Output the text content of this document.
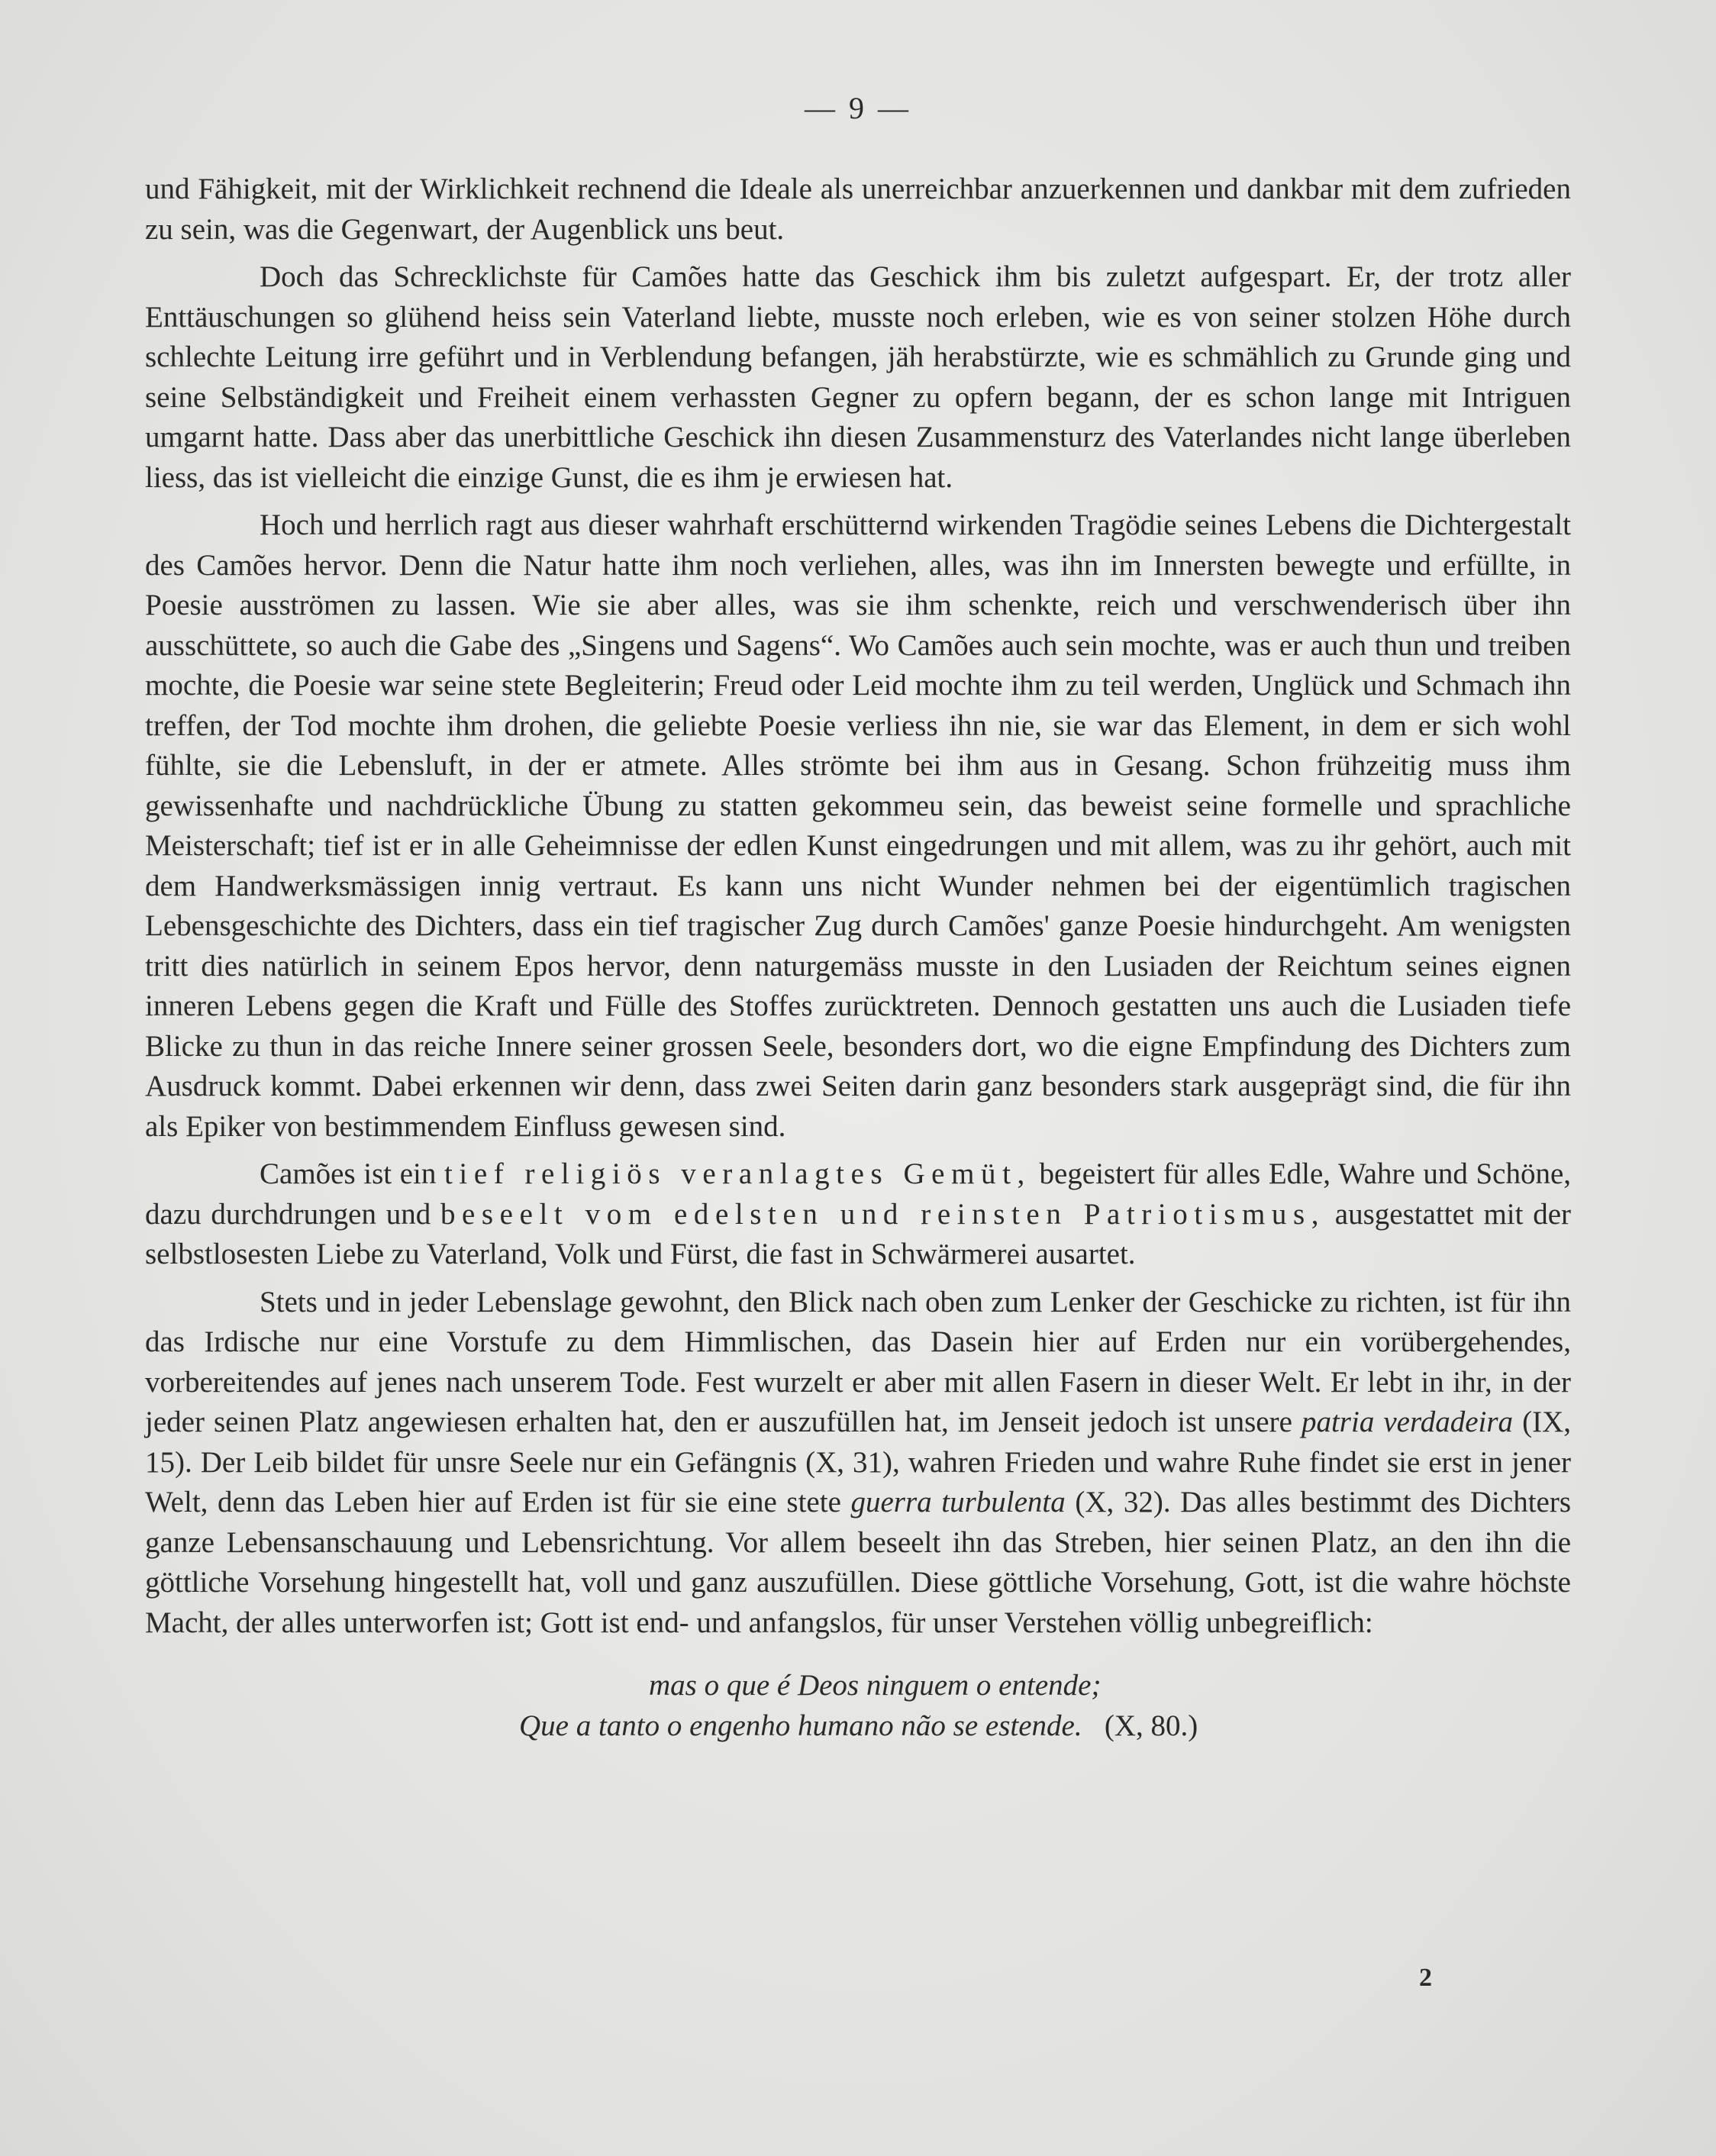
— 9 —

und Fähigkeit, mit der Wirklichkeit rechnend die Ideale als unerreichbar anzuerkennen und dankbar mit dem zufrieden zu sein, was die Gegenwart, der Augenblick uns beut.

Doch das Schrecklichste für Camões hatte das Geschick ihm bis zuletzt aufgespart. Er, der trotz aller Enttäuschungen so glühend heiss sein Vaterland liebte, musste noch erleben, wie es von seiner stolzen Höhe durch schlechte Leitung irre geführt und in Verblendung befangen, jäh herabstürzte, wie es schmählich zu Grunde ging und seine Selbständigkeit und Freiheit einem verhassten Gegner zu opfern begann, der es schon lange mit Intriguen umgarnt hatte. Dass aber das unerbittliche Geschick ihn diesen Zusammensturz des Vaterlandes nicht lange überleben liess, das ist vielleicht die einzige Gunst, die es ihm je erwiesen hat.

Hoch und herrlich ragt aus dieser wahrhaft erschütternd wirkenden Tragödie seines Lebens die Dichtergestalt des Camões hervor. Denn die Natur hatte ihm noch verliehen, alles, was ihn im Innersten bewegte und erfüllte, in Poesie ausströmen zu lassen. Wie sie aber alles, was sie ihm schenkte, reich und verschwenderisch über ihn ausschüttete, so auch die Gabe des „Singens und Sagens“. Wo Camões auch sein mochte, was er auch thun und treiben mochte, die Poesie war seine stete Begleiterin; Freud oder Leid mochte ihm zu teil werden, Unglück und Schmach ihn treffen, der Tod mochte ihm drohen, die geliebte Poesie verliess ihn nie, sie war das Element, in dem er sich wohl fühlte, sie die Lebensluft, in der er atmete. Alles strömte bei ihm aus in Gesang. Schon frühzeitig muss ihm gewissenhafte und nachdrückliche Übung zu statten gekommeu sein, das beweist seine formelle und sprachliche Meisterschaft; tief ist er in alle Geheimnisse der edlen Kunst eingedrungen und mit allem, was zu ihr gehört, auch mit dem Handwerksmässigen innig vertraut. Es kann uns nicht Wunder nehmen bei der eigentümlich tragischen Lebensgeschichte des Dichters, dass ein tief tragischer Zug durch Camões' ganze Poesie hindurchgeht. Am wenigsten tritt dies natürlich in seinem Epos hervor, denn naturgemäss musste in den Lusiaden der Reichtum seines eignen inneren Lebens gegen die Kraft und Fülle des Stoffes zurücktreten. Dennoch gestatten uns auch die Lusiaden tiefe Blicke zu thun in das reiche Innere seiner grossen Seele, besonders dort, wo die eigne Empfindung des Dichters zum Ausdruck kommt. Dabei erkennen wir denn, dass zwei Seiten darin ganz besonders stark ausgeprägt sind, die für ihn als Epiker von bestimmendem Einfluss gewesen sind.

Camões ist ein tief religiös veranlagtes Gemüt, begeistert für alles Edle, Wahre und Schöne, dazu durchdrungen und beseelt vom edelsten und reinsten Patriotismus, ausgestattet mit der selbstlosesten Liebe zu Vaterland, Volk und Fürst, die fast in Schwärmerei ausartet.

Stets und in jeder Lebenslage gewohnt, den Blick nach oben zum Lenker der Geschicke zu richten, ist für ihn das Irdische nur eine Vorstufe zu dem Himmlischen, das Dasein hier auf Erden nur ein vorübergehendes, vorbereitendes auf jenes nach unserem Tode. Fest wurzelt er aber mit allen Fasern in dieser Welt. Er lebt in ihr, in der jeder seinen Platz angewiesen erhalten hat, den er auszufüllen hat, im Jenseit jedoch ist unsere patria verdadeira (IX, 15). Der Leib bildet für unsre Seele nur ein Gefängnis (X, 31), wahren Frieden und wahre Ruhe findet sie erst in jener Welt, denn das Leben hier auf Erden ist für sie eine stete guerra turbulenta (X, 32). Das alles bestimmt des Dichters ganze Lebensanschauung und Lebensrichtung. Vor allem beseelt ihn das Streben, hier seinen Platz, an den ihn die göttliche Vorsehung hingestellt hat, voll und ganz auszufüllen. Diese göttliche Vorsehung, Gott, ist die wahre höchste Macht, der alles unterworfen ist; Gott ist end- und anfangslos, für unser Verstehen völlig unbegreiflich:

mas o que é Deos ninguem o entende;
Que a tanto o engenho humano não se estende. (X, 80.)
2
